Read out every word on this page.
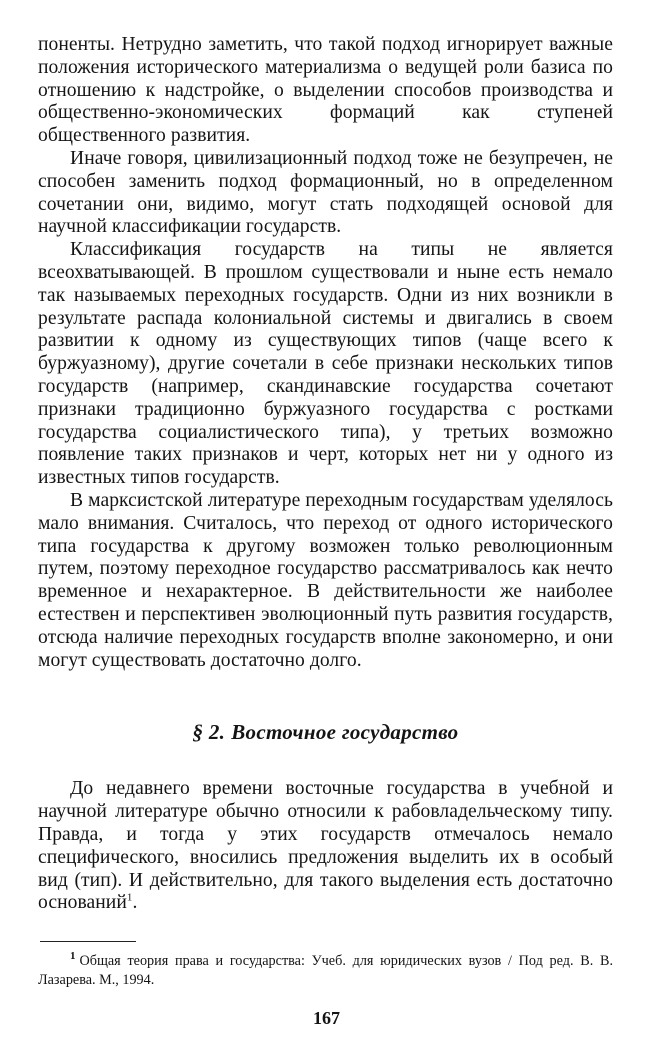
поненты. Нетрудно заметить, что такой подход игнорирует важные положения исторического материализма о ведущей роли базиса по отношению к надстройке, о выделении способов производства и общественно-экономических формаций как ступеней общественного развития.

Иначе говоря, цивилизационный подход тоже не безупречен, не способен заменить подход формационный, но в определенном сочетании они, видимо, могут стать подходящей основой для научной классификации государств.

Классификация государств на типы не является всеохватывающей. В прошлом существовали и ныне есть немало так называемых переходных государств. Одни из них возникли в результате распада колониальной системы и двигались в своем развитии к одному из существующих типов (чаще всего к буржуазному), другие сочетали в себе признаки нескольких типов государств (например, скандинавские государства сочетают признаки традиционно буржуазного государства с ростками государства социалистического типа), у третьих возможно появление таких признаков и черт, которых нет ни у одного из известных типов государств.

В марксистской литературе переходным государствам уделялось мало внимания. Считалось, что переход от одного исторического типа государства к другому возможен только революционным путем, поэтому переходное государство рассматривалось как нечто временное и нехарактерное. В действительности же наиболее естествен и перспективен эволюционный путь развития государств, отсюда наличие переходных государств вполне закономерно, и они могут существовать достаточно долго.

§ 2. Восточное государство

До недавнего времени восточные государства в учебной и научной литературе обычно относили к рабовладельческому типу. Правда, и тогда у этих государств отмечалось немало специфического, вносились предложения выделить их в особый вид (тип). И действительно, для такого выделения есть достаточно оснований$^1$.

$^1$ Общая теория права и государства: Учеб. для юридических вузов / Под ред. В. В. Лазарева. М., 1994.

167
